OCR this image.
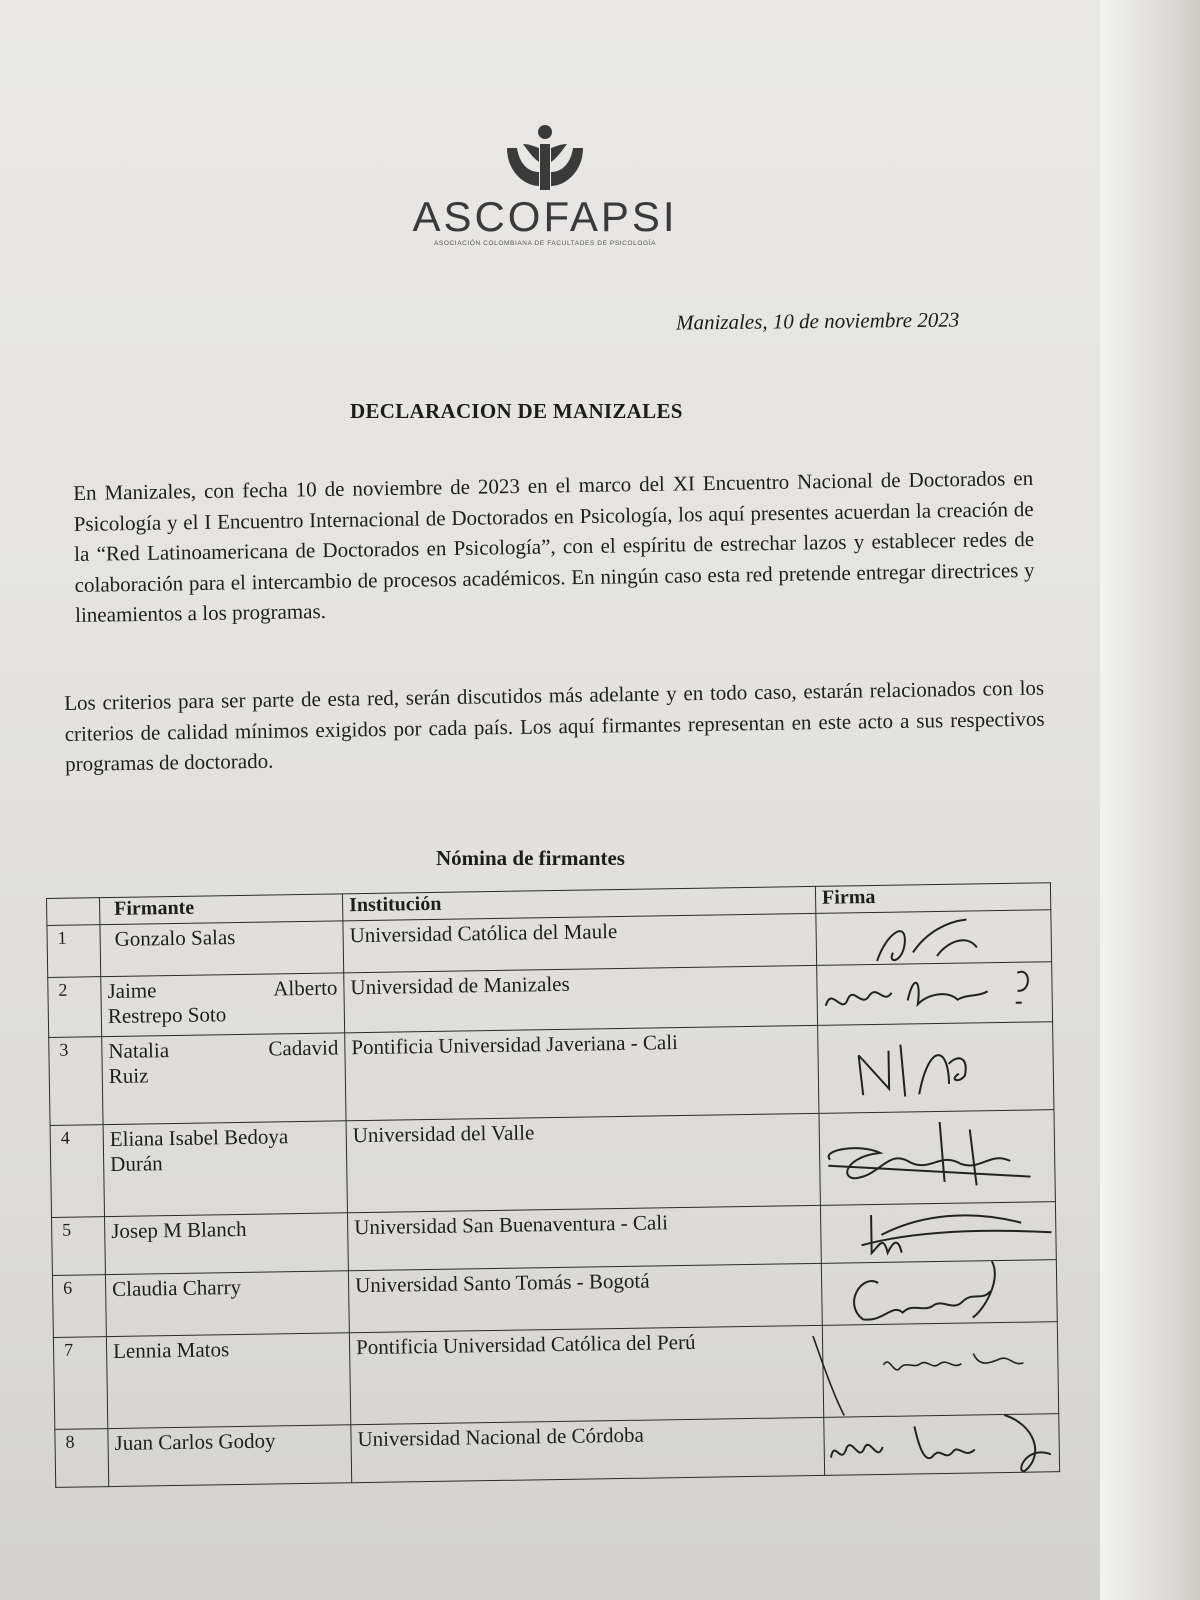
ASCOFAPSI
ASOCIACIÓN COLOMBIANA DE FACULTADES DE PSICOLOGÍA
Manizales, 10 de noviembre 2023
DECLARACION DE MANIZALES
En Manizales, con fecha 10 de noviembre de 2023 en el marco del XI Encuentro Nacional de Doctorados en Psicología y el I Encuentro Internacional de Doctorados en Psicología, los aquí presentes acuerdan la creación de la “Red Latinoamericana de Doctorados en Psicología”, con el espíritu de estrechar lazos y establecer redes de colaboración para el intercambio de procesos académicos. En ningún caso esta red pretende entregar directrices y lineamientos a los programas.
Los criterios para ser parte de esta red, serán discutidos más adelante y en todo caso, estarán relacionados con los criterios de calidad mínimos exigidos por cada país. Los aquí firmantes representan en este acto a sus respectivos programas de doctorado.
Nómina de firmantes
	Firmante	Institución	Firma
1	Gonzalo Salas	Universidad Católica del Maule	

2	Jaime Alberto
Restrepo Soto	Universidad de Manizales	

3	Natalia Cadavid
Ruiz	Pontificia Universidad Javeriana - Cali	

4	Eliana Isabel Bedoya
Durán	Universidad del Valle	

5	Josep M Blanch	Universidad San Buenaventura - Cali	

6	Claudia Charry	Universidad Santo Tomás - Bogotá	

7	Lennia Matos	Pontificia Universidad Católica del Perú	

8	Juan Carlos Godoy	Universidad Nacional de Córdoba	
